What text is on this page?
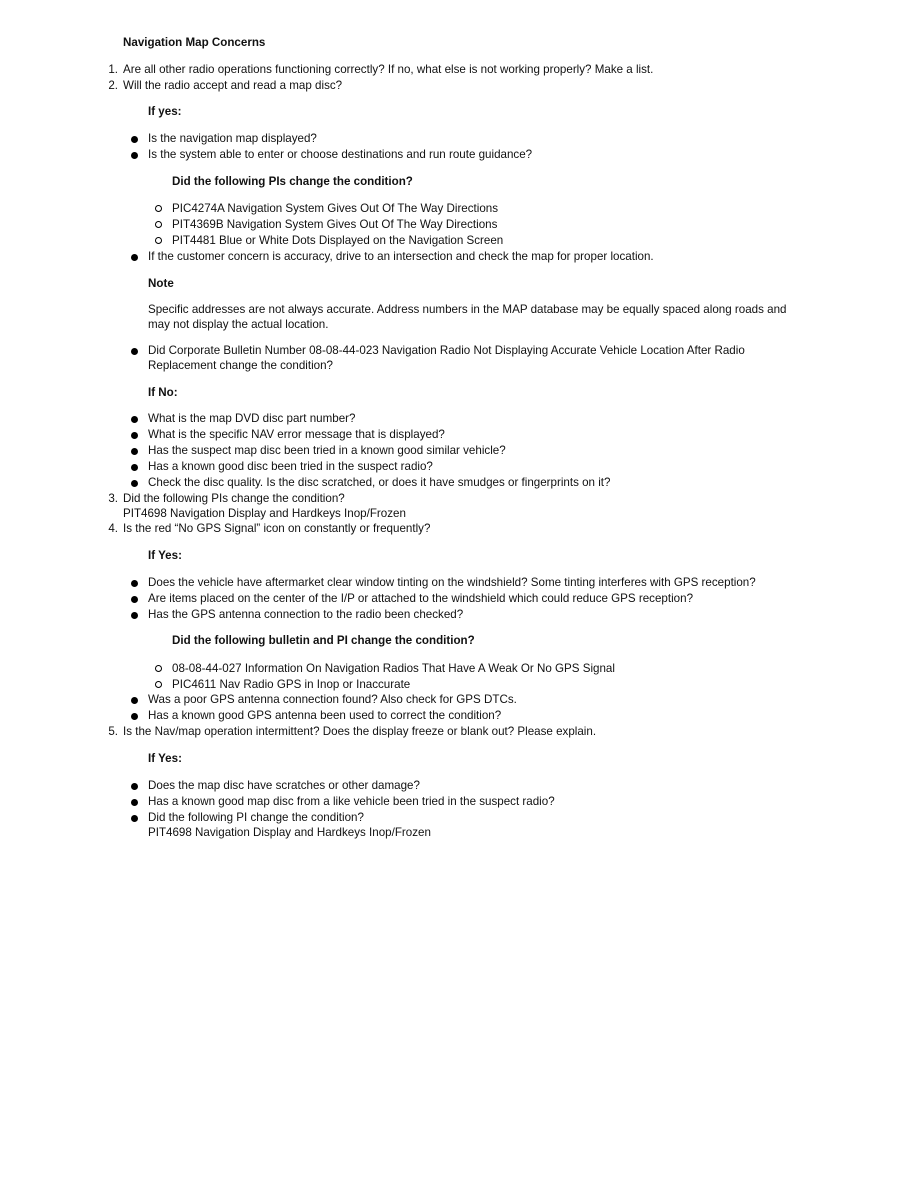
Navigation Map Concerns
1. Are all other radio operations functioning correctly? If no, what else is not working properly? Make a list.
2. Will the radio accept and read a map disc?
If yes:
Is the navigation map displayed?
Is the system able to enter or choose destinations and run route guidance?
Did the following PIs change the condition?
PIC4274A Navigation System Gives Out Of The Way Directions
PIT4369B Navigation System Gives Out Of The Way Directions
PIT4481 Blue or White Dots Displayed on the Navigation Screen
If the customer concern is accuracy, drive to an intersection and check the map for proper location.
Note
Specific addresses are not always accurate. Address numbers in the MAP database may be equally spaced along roads and
may not display the actual location.
Did Corporate Bulletin Number 08-08-44-023 Navigation Radio Not Displaying Accurate Vehicle Location After Radio
Replacement change the condition?
If No:
What is the map DVD disc part number?
What is the specific NAV error message that is displayed?
Has the suspect map disc been tried in a known good similar vehicle?
Has a known good disc been tried in the suspect radio?
Check the disc quality. Is the disc scratched, or does it have smudges or fingerprints on it?
3. Did the following PIs change the condition?
PIT4698 Navigation Display and Hardkeys Inop/Frozen
4. Is the red “No GPS Signal” icon on constantly or frequently?
If Yes:
Does the vehicle have aftermarket clear window tinting on the windshield? Some tinting interferes with GPS reception?
Are items placed on the center of the I/P or attached to the windshield which could reduce GPS reception?
Has the GPS antenna connection to the radio been checked?
Did the following bulletin and PI change the condition?
08-08-44-027 Information On Navigation Radios That Have A Weak Or No GPS Signal
PIC4611 Nav Radio GPS in Inop or Inaccurate
Was a poor GPS antenna connection found? Also check for GPS DTCs.
Has a known good GPS antenna been used to correct the condition?
5. Is the Nav/map operation intermittent? Does the display freeze or blank out? Please explain.
If Yes:
Does the map disc have scratches or other damage?
Has a known good map disc from a like vehicle been tried in the suspect radio?
Did the following PI change the condition?
PIT4698 Navigation Display and Hardkeys Inop/Frozen
